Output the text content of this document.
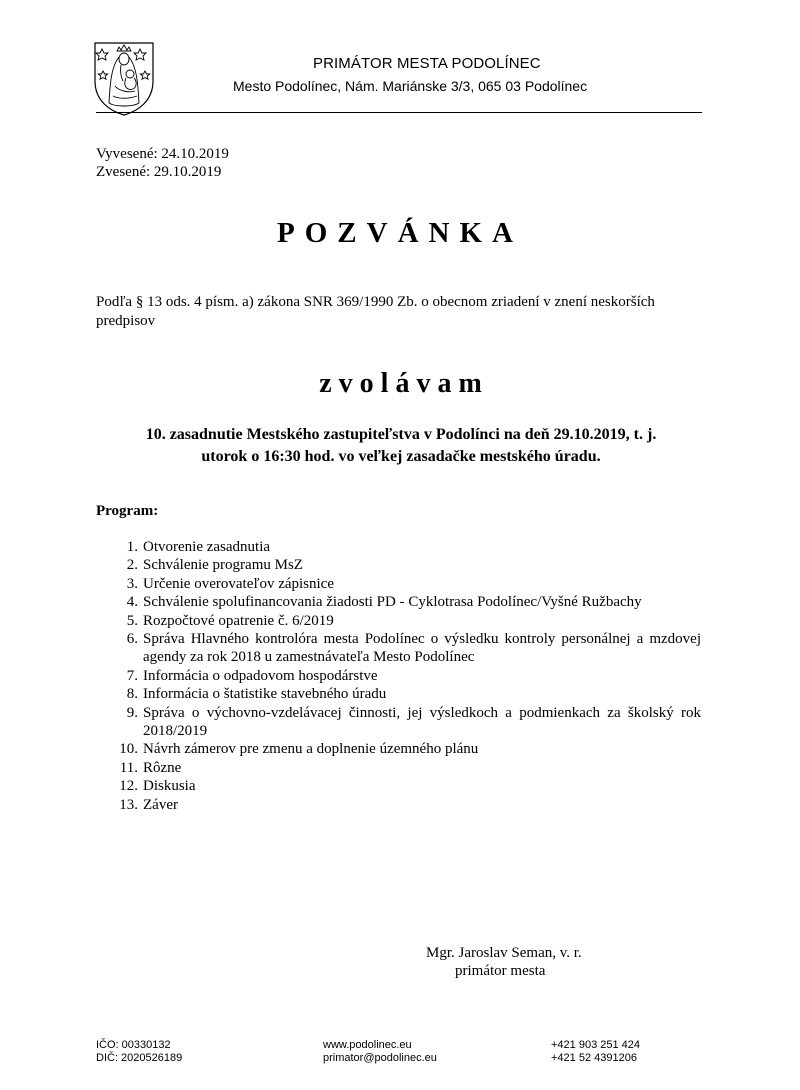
PRIMÁTOR MESTA PODOLÍNEC
Mesto Podolínec, Nám. Mariánske 3/3, 065 03 Podolínec
Vyvesené: 24.10.2019
Zvesené: 29.10.2019
POZVÁNKA
Podľa § 13 ods. 4 písm. a) zákona SNR 369/1990 Zb. o obecnom zriadení v znení neskorších predpisov
zvolávam
10. zasadnutie Mestského zastupiteľstva v Podolínci na deň 29.10.2019, t. j.
utorok o 16:30 hod. vo veľkej zasadačke mestského úradu.
Program:
1. Otvorenie zasadnutia
2. Schválenie programu MsZ
3. Určenie overovateľov zápisnice
4. Schválenie spolufinancovania žiadosti PD - Cyklotrasa Podolínec/Vyšné Ružbachy
5. Rozpočtové opatrenie č. 6/2019
6. Správa Hlavného kontrolóra mesta Podolínec o výsledku kontroly personálnej a mzdovej agendy za rok 2018 u zamestnávateľa Mesto Podolínec
7. Informácia o odpadovom hospodárstve
8. Informácia o štatistike stavebného úradu
9. Správa o výchovno-vzdelávacej činnosti, jej výsledkoch a podmienkach za školský rok 2018/2019
10. Návrh zámerov pre zmenu a doplnenie územného plánu
11. Rôzne
12. Diskusia
13. Záver
Mgr. Jaroslav Seman, v. r.
primátor mesta
IČO: 00330132
DIČ: 2020526189
www.podolinec.eu
primator@podolinec.eu
+421 903 251 424
+421 52 4391206
